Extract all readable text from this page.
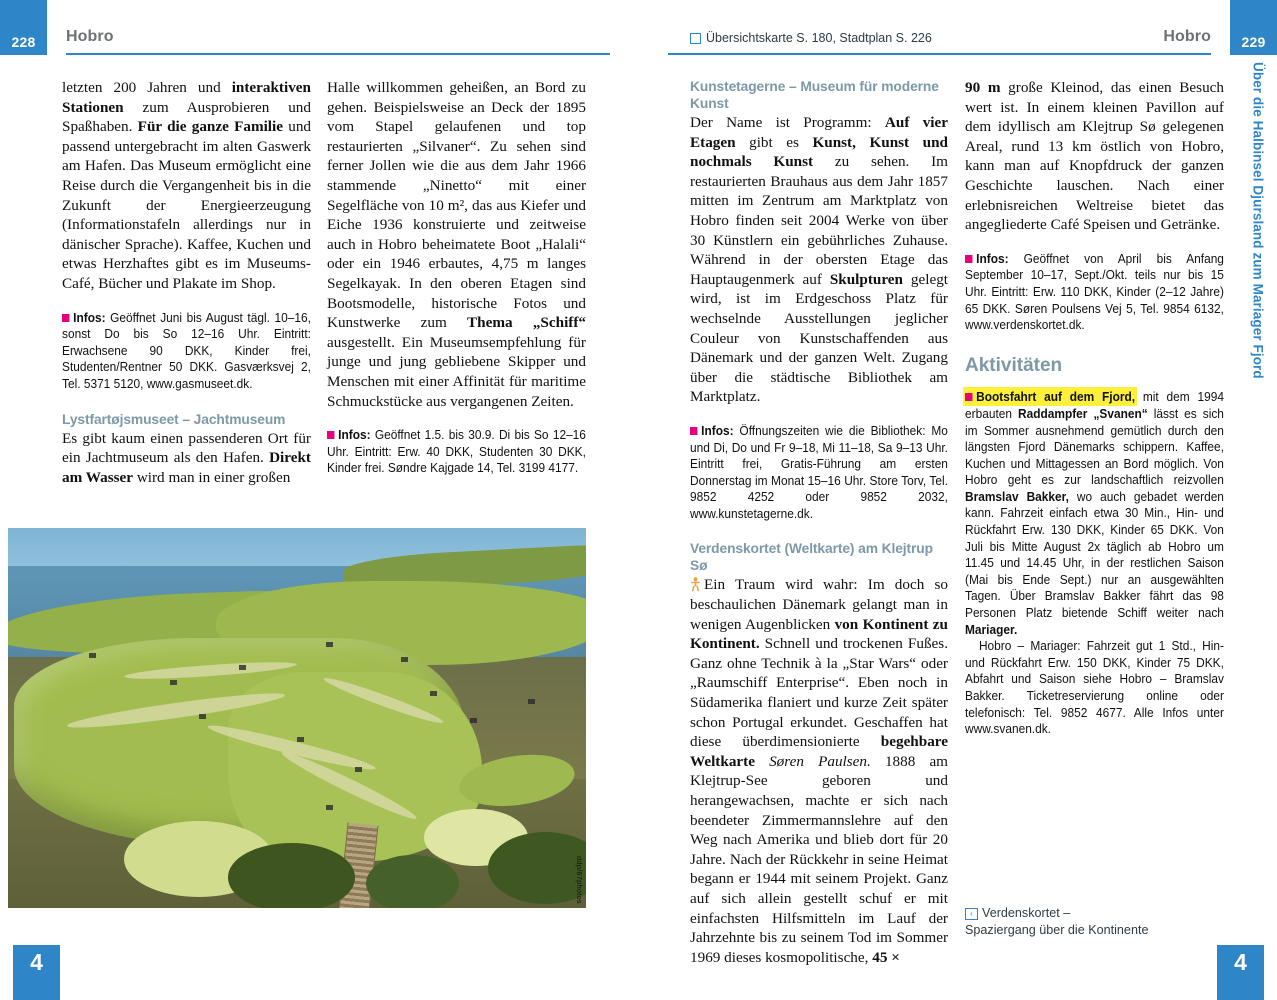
228 Hobro

letzten 200 Jahren und interaktiven Stationen zum Ausprobieren und Spaßhaben. Für die ganze Familie und passend untergebracht im alten Gaswerk am Hafen. Das Museum ermöglicht eine Reise durch die Vergangenheit bis in die Zukunft der Energieerzeugung (Informationstafeln allerdings nur in dänischer Sprache). Kaffee, Kuchen und etwas Herzhaftes gibt es im Museums-Café, Bücher und Plakate im Shop.

Infos: Geöffnet Juni bis August tägl. 10–16, sonst Do bis So 12–16 Uhr. Eintritt: Erwachsene 90 DKK, Kinder frei, Studenten/Rentner 50 DKK. Gasværksvej 2, Tel. 5371 5120, www.gasmuseet.dk.
Lystfartøjsmuseet – Jachtmuseum

Es gibt kaum einen passenderen Ort für ein Jachtmuseum als den Hafen. Direkt am Wasser wird man in einer großen

Halle willkommen geheißen, an Bord zu gehen. Beispielsweise an Deck der 1895 vom Stapel gelaufenen und top restaurierten „Silvaner“. Zu sehen sind ferner Jollen wie die aus dem Jahr 1966 stammende „Ninetto“ mit einer Segelfläche von 10 m², das aus Kiefer und Eiche 1936 konstruierte und zeitweise auch in Hobro beheimatete Boot „Halali“ oder ein 1946 erbautes, 4,75 m langes Segelkayak. In den oberen Etagen sind Bootsmodelle, historische Fotos und Kunstwerke zum Thema „Schiff“ ausgestellt. Ein Museumsempfehlung für junge und jung gebliebene Skipper und Menschen mit einer Affinität für maritime Schmuckstücke aus vergangenen Zeiten.

Infos: Geöffnet 1.5. bis 30.9. Di bis So 12–16 Uhr. Eintritt: Erw. 40 DKK, Studenten 30 DKK, Kinder frei. Søndre Kajgade 14, Tel. 3199 4177.
ddp/67photos
4
229
Hobro
Übersichtskarte S. 180, Stadtplan S. 226
Kunstetagerne – Museum für moderne Kunst

Der Name ist Programm: Auf vier Etagen gibt es Kunst, Kunst und nochmals Kunst zu sehen. Im restaurierten Brauhaus aus dem Jahr 1857 mitten im Zentrum am Marktplatz von Hobro finden seit 2004 Werke von über 30 Künstlern ein gebührliches Zuhause. Während in der obersten Etage das Hauptaugenmerk auf Skulpturen gelegt wird, ist im Erdgeschoss Platz für wechselnde Ausstellungen jeglicher Couleur von Kunstschaffenden aus Dänemark und der ganzen Welt. Zugang über die städtische Bibliothek am Marktplatz.

Infos: Öffnungszeiten wie die Bibliothek: Mo und Di, Do und Fr 9–18, Mi 11–18, Sa 9–13 Uhr. Eintritt frei, Gratis-Führung am ersten Donnerstag im Monat 15–16 Uhr. Store Torv, Tel. 9852 4252 oder 9852 2032, www.kunstetagerne.dk.
Verdenskortet (Weltkarte) am Klejtrup Sø

Ein Traum wird wahr: Im doch so beschaulichen Dänemark gelangt man in wenigen Augenblicken von Kontinent zu Kontinent. Schnell und trockenen Fußes. Ganz ohne Technik à la „Star Wars“ oder „Raumschiff Enterprise“. Eben noch in Südamerika flaniert und kurze Zeit später schon Portugal erkundet. Geschaffen hat diese überdimensionierte begehbare Weltkarte Søren Paulsen. 1888 am Klejtrup-See geboren und herangewachsen, machte er sich nach beendeter Zimmermannslehre auf den Weg nach Amerika und blieb dort für 20 Jahre. Nach der Rückkehr in seine Heimat begann er 1944 mit seinem Projekt. Ganz auf sich allein gestellt schuf er mit einfachsten Hilfsmitteln im Lauf der Jahrzehnte bis zu seinem Tod im Sommer 1969 dieses kosmopolitische, 45 ×

90 m große Kleinod, das einen Besuch wert ist. In einem kleinen Pavillon auf dem idyllisch am Klejtrup Sø gelegenen Areal, rund 13 km östlich von Hobro, kann man auf Knopfdruck der ganzen Geschichte lauschen. Nach einer erlebnisreichen Weltreise bietet das angegliederte Café Speisen und Getränke.

Infos: Geöffnet von April bis Anfang September 10–17, Sept./Okt. teils nur bis 15 Uhr. Eintritt: Erw. 110 DKK, Kinder (2–12 Jahre) 65 DKK. Søren Poulsens Vej 5, Tel. 9854 6132, www.verdenskortet.dk.
Aktivitäten

Bootsfahrt auf dem Fjord, mit dem 1994 erbauten Raddampfer „Svanen“ lässt es sich im Sommer ausnehmend gemütlich durch den längsten Fjord Dänemarks schippern. Kaffee, Kuchen und Mittagessen an Bord möglich. Von Hobro geht es zur landschaftlich reizvollen Bramslav Bakker, wo auch gebadet werden kann. Fahrzeit einfach etwa 30 Min., Hin- und Rückfahrt Erw. 130 DKK, Kinder 65 DKK. Von Juli bis Mitte August 2x täglich ab Hobro um 11.45 und 14.45 Uhr, in der restlichen Saison (Mai bis Ende Sept.) nur an ausgewählten Tagen. Über Bramslav Bakker fährt das 98 Personen Platz bietende Schiff weiter nach Mariager.

Hobro – Mariager: Fahrzeit gut 1 Std., Hin- und Rückfahrt Erw. 150 DKK, Kinder 75 DKK, Abfahrt und Saison siehe Hobro – Bramslav Bakker. Ticketreservierung online oder telefonisch: Tel. 9852 4677. Alle Infos unter www.svanen.dk.

‹ Verdenskortet –
Spaziergang über die Kontinente
Über die Halbinsel Djursland zum Mariager Fjord
4
